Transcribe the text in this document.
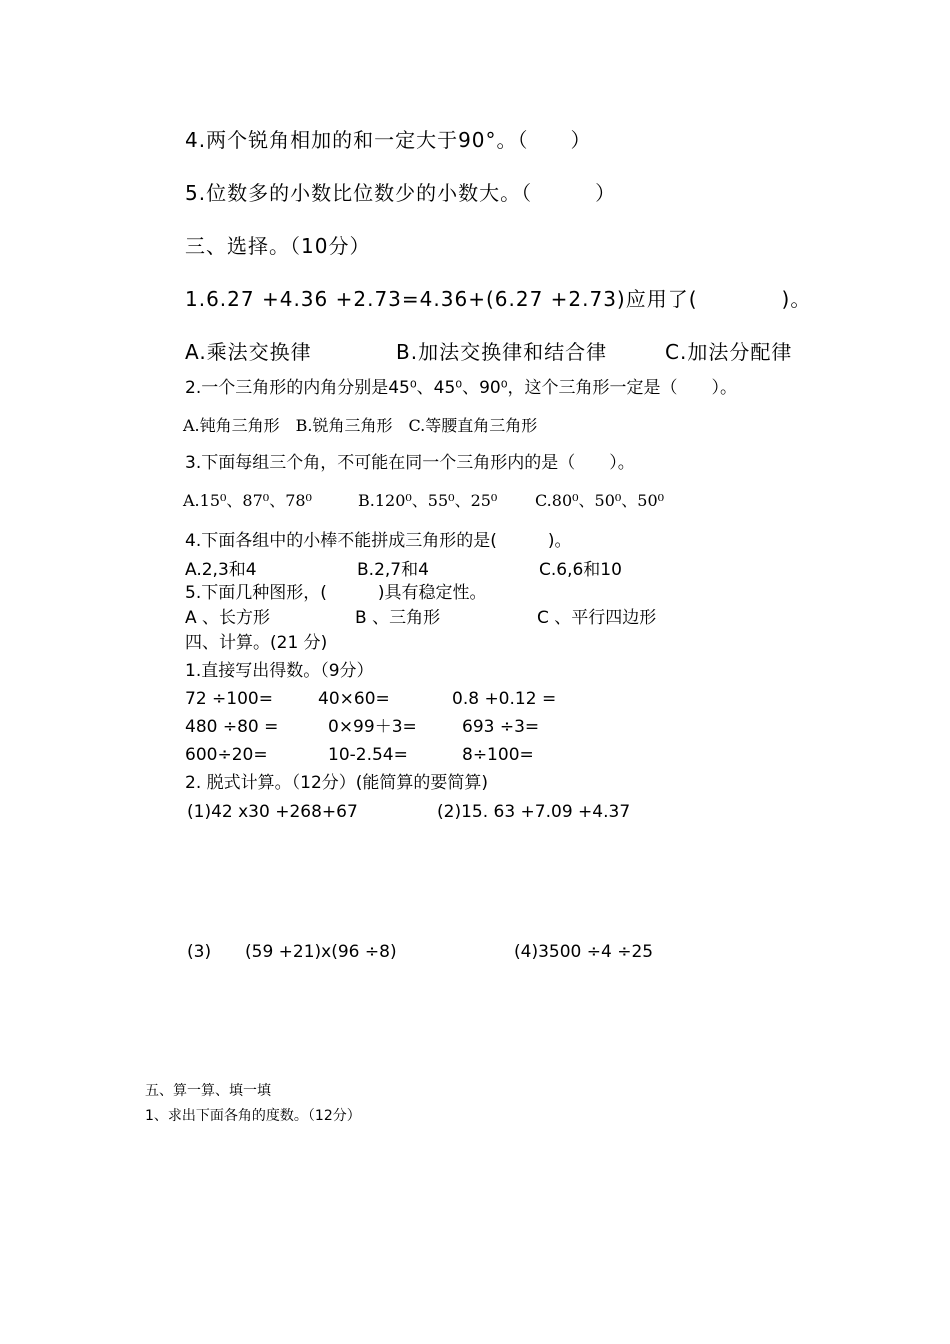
4.两个锐角相加的和一定大于90°。（　　）
5.位数多的小数比位数少的小数大。（　　　）
三、选择。（10分）
1.6.27 +4.36 +2.73=4.36+(6.27 +2.73)应用了(　　　　)。
A.乘法交换律	B.加法交换律和结合律	C.加法分配律
2.一个三角形的内角分别是45⁰、45⁰、90⁰，这个三角形一定是（　　）。
A.钝角三角形　B.锐角三角形　C.等腰直角三角形
3.下面每组三个角，不可能在同一个三角形内的是（　　）。
A.15⁰、87⁰、78⁰	B.120⁰、55⁰、25⁰ C.80⁰、50⁰、50⁰
4.下面各组中的小棒不能拼成三角形的是(　　　)。
A.2,3和4	B.2,7和4	C.6,6和10
5.下面几种图形，(　　　)具有稳定性。
A 、长方形	B 、三角形	C 、平行四边形
四、计算。(21 分)
1.直接写出得数。（9分）
72 ÷100=	40×60=	0.8 +0.12 =
480 ÷80 =	0×99＋3=	693 ÷3=
600÷20=	10-2.54=	8÷100=
2. 脱式计算。（12分）(能简算的要简算)
(1)42 x30 +268+67	(2)15. 63 +7.09 +4.37
(3) (59 +21)x(96 ÷8)	(4)3500 ÷4 ÷25
五、算一算、填一填
1、求出下面各角的度数。（12分）
